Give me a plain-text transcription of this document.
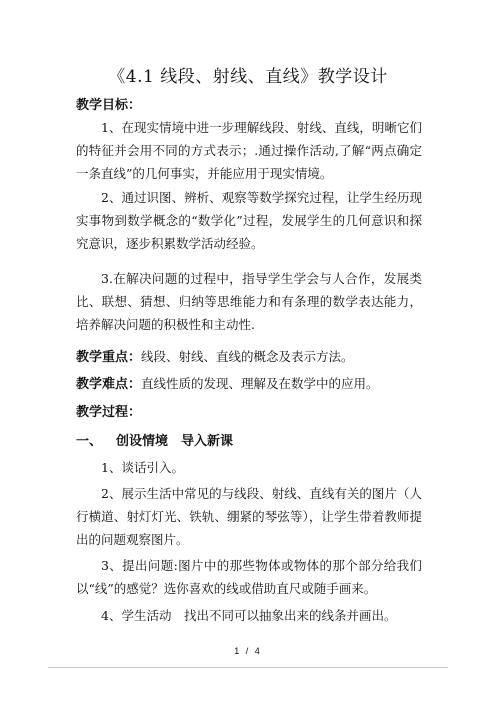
《4.1 线段、射线、直线》教学设计
教学目标：
1、在现实情境中进一步理解线段、射线、直线，明晰它们的特征并会用不同的方式表示；.通过操作活动,了解“两点确定一条直线”的几何事实，并能应用于现实情境。
2、通过识图、辨析、观察等数学探究过程，让学生经历现实事物到数学概念的“数学化”过程，发展学生的几何意识和探究意识，逐步积累数学活动经验。
3.在解决问题的过程中，指导学生学会与人合作，发展类比、联想、猜想、归纳等思维能力和有条理的数学表达能力，培养解决问题的积极性和主动性.
教学重点：线段、射线、直线的概念及表示方法。
教学难点：直线性质的发现、理解及在数学中的应用。
教学过程：
一、 创设情境　导入新课
1、谈话引入。
2、展示生活中常见的与线段、射线、直线有关的图片（人行横道、射灯灯光、铁轨、绷紧的琴弦等），让学生带着教师提出的问题观察图片。
3、提出问题:图片中的那些物体或物体的那个部分给我们以“线”的感觉？选你喜欢的线或借助直尺或随手画来。
4、学生活动　找出不同可以抽象出来的线条并画出。
1 / 4
